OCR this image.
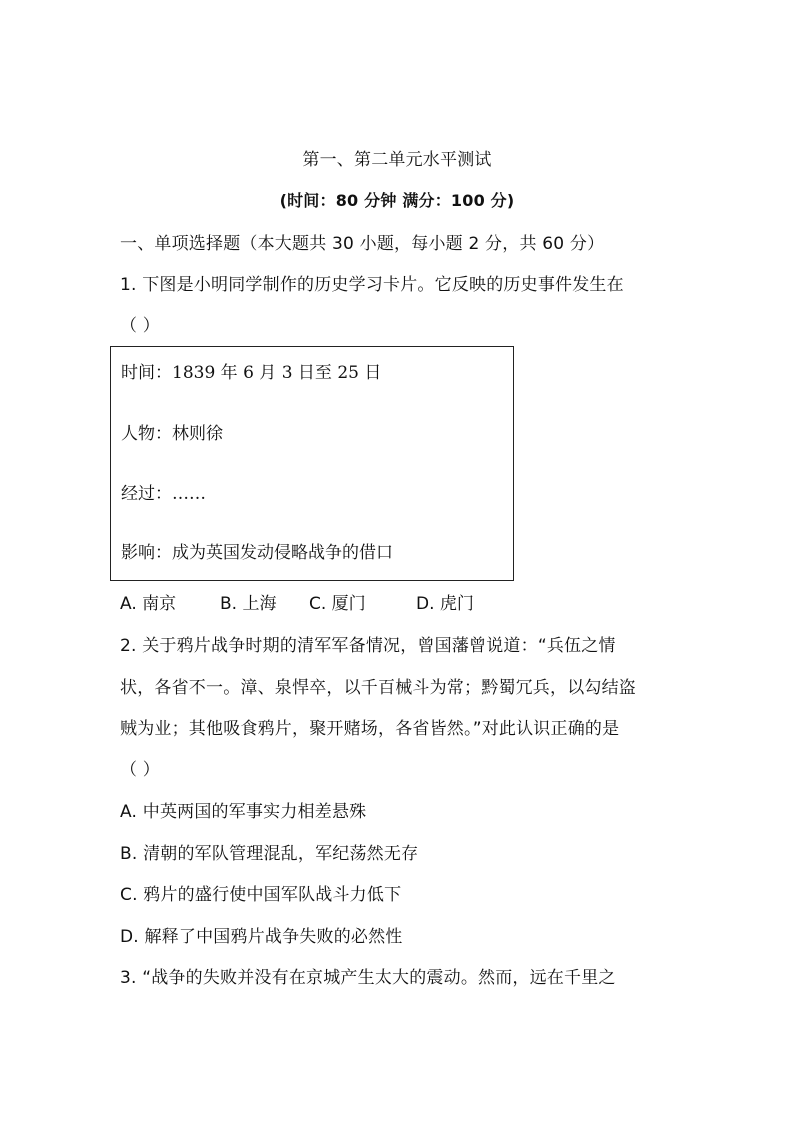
第一、第二单元水平测试
(时间：80 分钟 满分：100 分)
一、单项选择题（本大题共 30 小题，每小题 2 分，共 60 分）
1. 下图是小明同学制作的历史学习卡片。它反映的历史事件发生在
（ ）
时间：1839 年 6 月 3 日至 25 日
人物：林则徐
经过：……
影响：成为英国发动侵略战争的借口
A. 南京	B. 上海 C. 厦门	D. 虎门
2. 关于鸦片战争时期的清军军备情况，曾国藩曾说道：“兵伍之情
状，各省不一。漳、泉悍卒，以千百械斗为常；黔蜀冗兵，以勾结盗
贼为业；其他吸食鸦片，聚开赌场，各省皆然。”对此认识正确的是
（ ）
A. 中英两国的军事实力相差悬殊
B. 清朝的军队管理混乱，军纪荡然无存
C. 鸦片的盛行使中国军队战斗力低下
D. 解释了中国鸦片战争失败的必然性
3. “战争的失败并没有在京城产生太大的震动。然而，远在千里之
